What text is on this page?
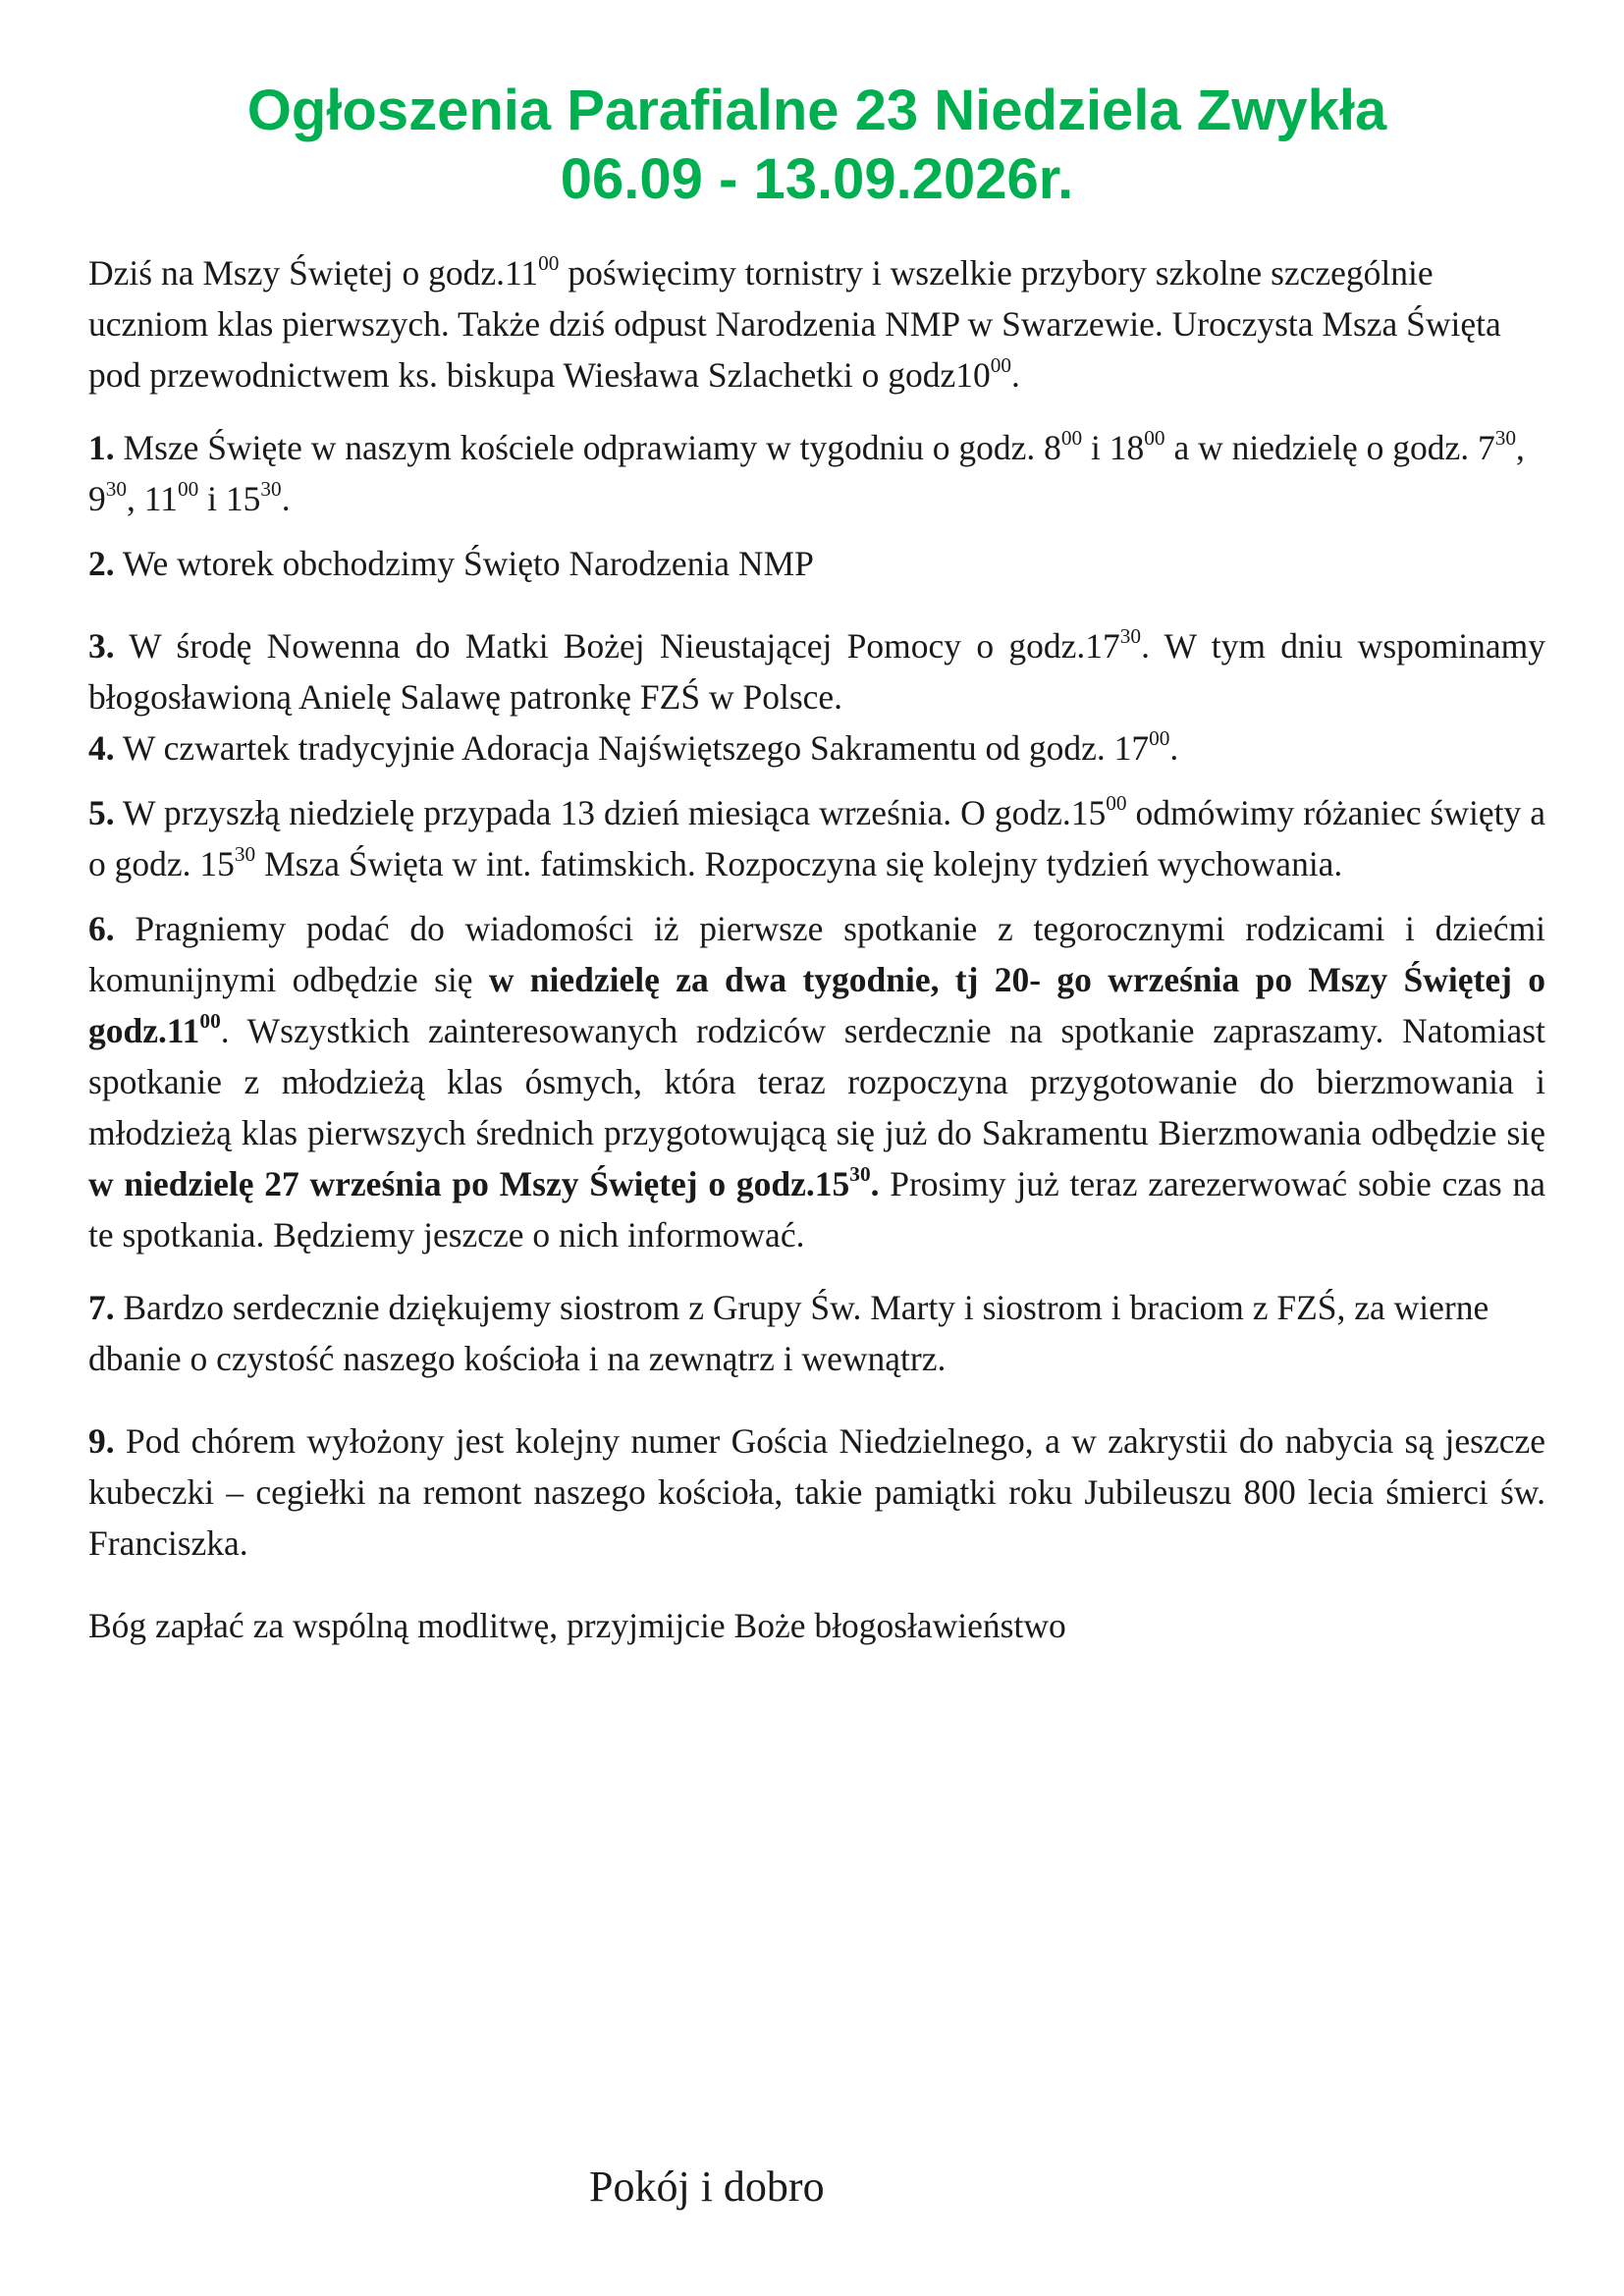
Ogłoszenia Parafialne 23 Niedziela Zwykła
06.09 - 13.09.2026r.

Dziś na Mszy Świętej o $godz.11^{00}$ poświęcimy tornistry i wszelkie przybory szkolne szczególnie uczniom klas pierwszych. Także dziś odpust Narodzenia NMP w Swarzewie. Uroczysta Msza Święta pod przewodnictwem ks. biskupa Wiesława Szlachetki o $godz10^{00}$.

1. Msze Święte w naszym kościele odprawiamy w tygodniu o godz. $8^{00}$ i $18^{00}$ a w niedzielę o godz. $7^{30}$, $9^{30}$, $11^{00}$ i $15^{30}$.

2. We wtorek obchodzimy Święto Narodzenia NMP

3. W środę Nowenna do Matki Bożej Nieustającej Pomocy o $godz.17^{30}$. W tym dniu wspominamy błogosławioną Anielę Salawę patronkę FZŚ w Polsce.

4. W czwartek tradycyjnie Adoracja Najświętszego Sakramentu od godz. $17^{00}$.

5. W przyszłą niedzielę przypada 13 dzień miesiąca września. O $godz.15^{00}$ odmówimy różaniec święty a o godz. $15^{30}$ Msza Święta w int. fatimskich. Rozpoczyna się kolejny tydzień wychowania.

6. Pragniemy podać do wiadomości iż pierwsze spotkanie z tegorocznymi rodzicami i dziećmi komunijnymi odbędzie się w niedzielę za dwa tygodnie, tj 20- go września po Mszy Świętej o $godz.11^{00}$. Wszystkich zainteresowanych rodziców serdecznie na spotkanie zapraszamy. Natomiast spotkanie z młodzieżą klas ósmych, która teraz rozpoczyna przygotowanie do bierzmowania i młodzieżą klas pierwszych średnich przygotowującą się już do Sakramentu Bierzmowania odbędzie się w niedzielę 27 września po Mszy Świętej o $godz.15^{30}$. Prosimy już teraz zarezerwować sobie czas na te spotkania. Będziemy jeszcze o nich informować.

7. Bardzo serdecznie dziękujemy siostrom z Grupy Św. Marty i siostrom i braciom z FZŚ, za wierne dbanie o czystość naszego kościoła i na zewnątrz i wewnątrz.

9. Pod chórem wyłożony jest kolejny numer Gościa Niedzielnego, a w zakrystii do nabycia są jeszcze kubeczki – cegiełki na remont naszego kościoła, takie pamiątki roku Jubileuszu 800 lecia śmierci św. Franciszka.

Bóg zapłać za wspólną modlitwę, przyjmijcie Boże błogosławieństwo

Pokój i dobro
